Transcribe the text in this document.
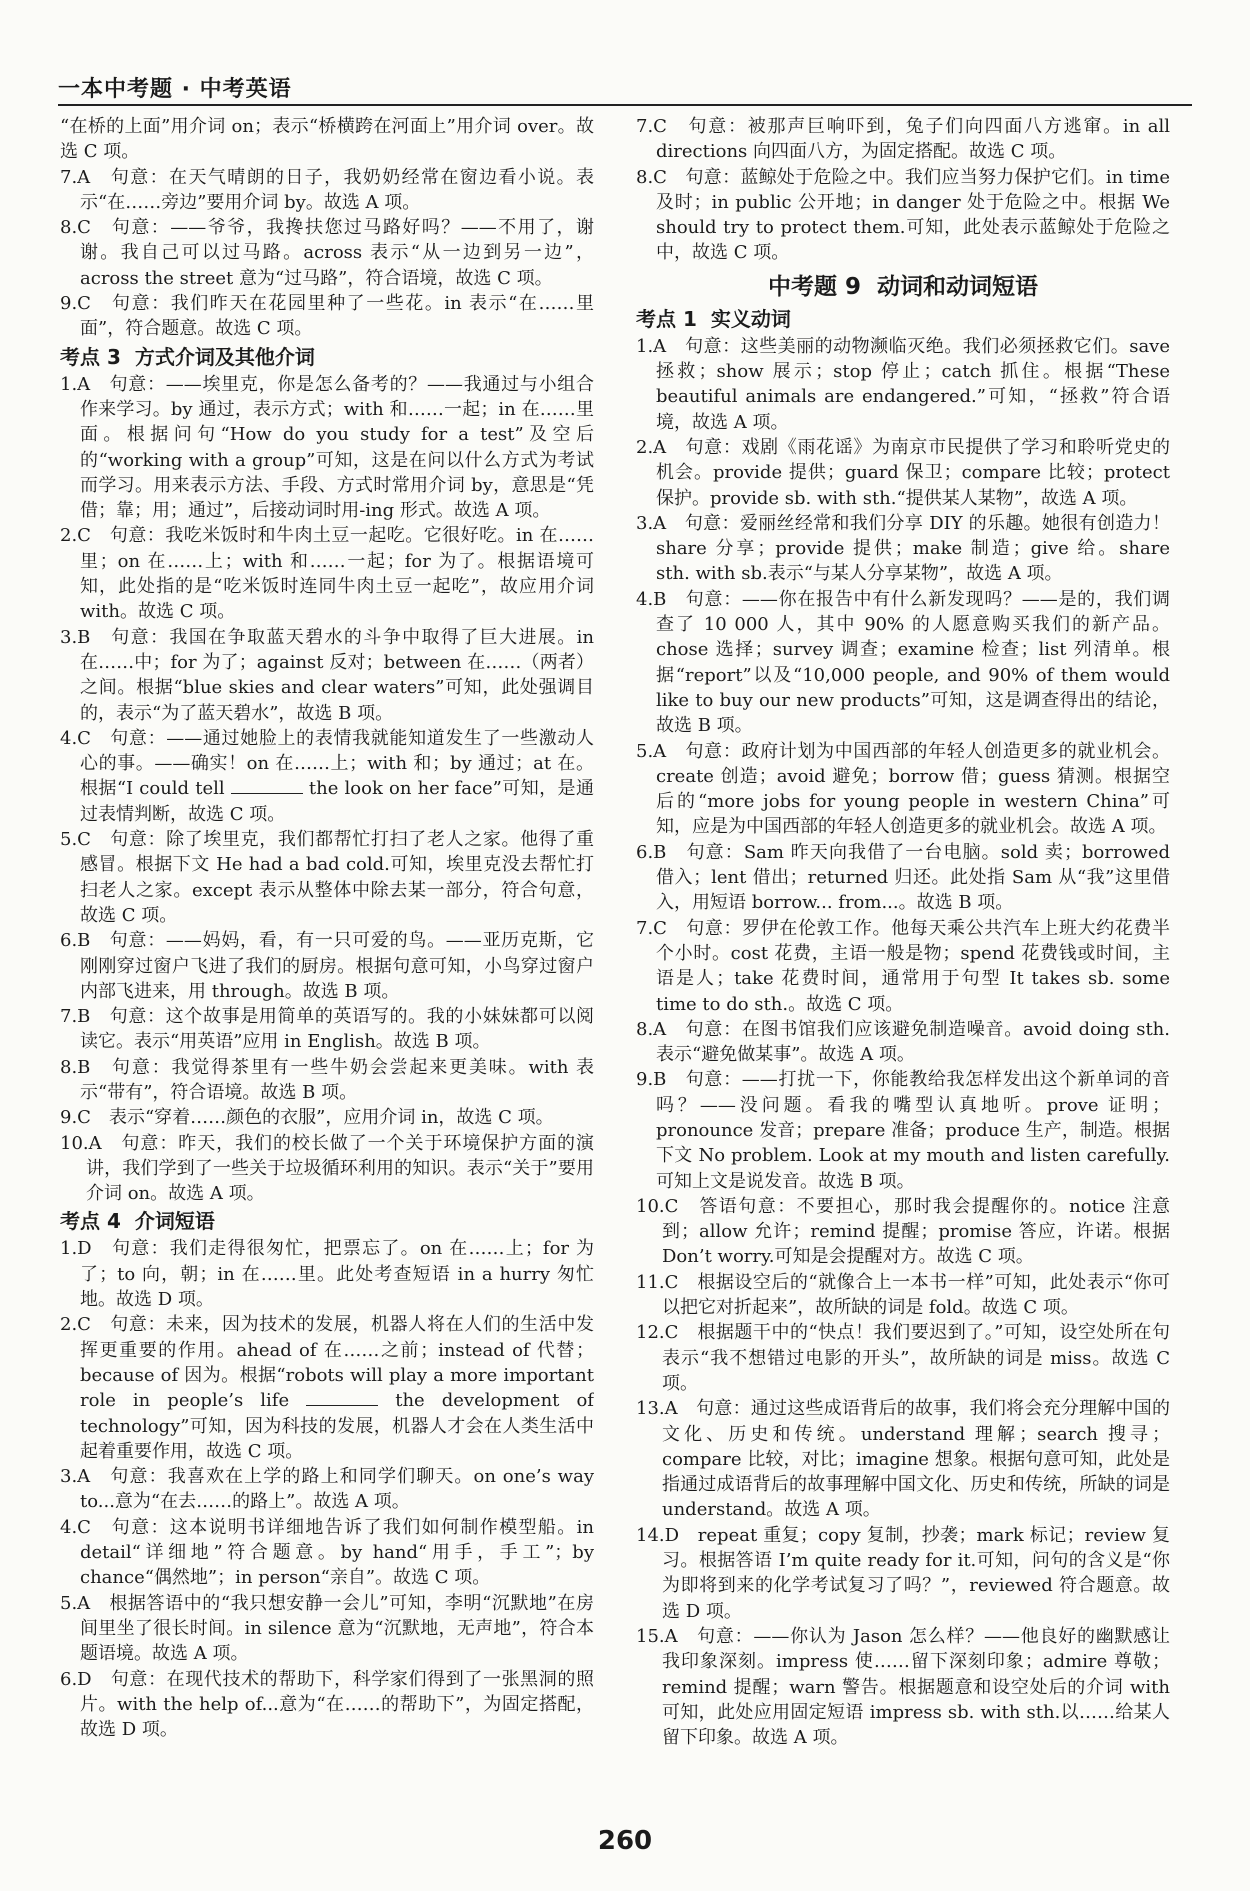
一本中考题 · 中考英语

“在桥的上面”用介词 on；表示“桥横跨在河面上”用介词 over。故选 C 项。

7.A　句意：在天气晴朗的日子，我奶奶经常在窗边看小说。表示“在……旁边”要用介词 by。故选 A 项。

8.C　句意：——爷爷，我搀扶您过马路好吗？——不用了，谢谢。我自己可以过马路。across 表示“从一边到另一边”，across the street 意为“过马路”，符合语境，故选 C 项。

9.C　句意：我们昨天在花园里种了一些花。in 表示“在……里面”，符合题意。故选 C 项。

考点 3 方式介词及其他介词

1.A　句意：——埃里克，你是怎么备考的？——我通过与小组合作来学习。by 通过，表示方式；with 和……一起；in 在……里面。根据问句“How do you study for a test”及空后的“working with a group”可知，这是在问以什么方式为考试而学习。用来表示方法、手段、方式时常用介词 by，意思是“凭借；靠；用；通过”，后接动词时用-ing 形式。故选 A 项。

2.C　句意：我吃米饭时和牛肉土豆一起吃。它很好吃。in 在……里；on 在……上；with 和……一起；for 为了。根据语境可知，此处指的是“吃米饭时连同牛肉土豆一起吃”，故应用介词 with。故选 C 项。

3.B　句意：我国在争取蓝天碧水的斗争中取得了巨大进展。in 在……中；for 为了；against 反对；between 在……（两者）之间。根据“blue skies and clear waters”可知，此处强调目的，表示“为了蓝天碧水”，故选 B 项。

4.C　句意：——通过她脸上的表情我就能知道发生了一些激动人心的事。——确实！on 在……上；with 和；by 通过；at 在。根据“I could tell	the look on her face”可知，是通过表情判断，故选 C 项。

5.C　句意：除了埃里克，我们都帮忙打扫了老人之家。他得了重感冒。根据下文 He had a bad cold.可知，埃里克没去帮忙打扫老人之家。except 表示从整体中除去某一部分，符合句意，故选 C 项。

6.B　句意：——妈妈，看，有一只可爱的鸟。——亚历克斯，它刚刚穿过窗户飞进了我们的厨房。根据句意可知，小鸟穿过窗户内部飞进来，用 through。故选 B 项。

7.B　句意：这个故事是用简单的英语写的。我的小妹妹都可以阅读它。表示“用英语”应用 in English。故选 B 项。

8.B　句意：我觉得茶里有一些牛奶会尝起来更美味。with 表示“带有”，符合语境。故选 B 项。

9.C　表示“穿着……颜色的衣服”，应用介词 in，故选 C 项。

10.A　句意：昨天，我们的校长做了一个关于环境保护方面的演讲，我们学到了一些关于垃圾循环利用的知识。表示“关于”要用介词 on。故选 A 项。

考点 4 介词短语

1.D　句意：我们走得很匆忙，把票忘了。on 在……上；for 为了；to 向，朝；in 在……里。此处考查短语 in a hurry 匆忙地。故选 D 项。

2.C　句意：未来，因为技术的发展，机器人将在人们的生活中发挥更重要的作用。ahead of 在……之前；instead of 代替；because of 因为。根据“robots will play a more important role in people’s life	the development of technology”可知，因为科技的发展，机器人才会在人类生活中起着重要作用，故选 C 项。

3.A　句意：我喜欢在上学的路上和同学们聊天。on one’s way to...意为“在去……的路上”。故选 A 项。

4.C　句意：这本说明书详细地告诉了我们如何制作模型船。in detail“详细地”符合题意。by hand“用手，手工”；by chance“偶然地”；in person“亲自”。故选 C 项。

5.A　根据答语中的“我只想安静一会儿”可知，李明“沉默地”在房间里坐了很长时间。in silence 意为“沉默地，无声地”，符合本题语境。故选 A 项。

6.D　句意：在现代技术的帮助下，科学家们得到了一张黑洞的照片。with the help of...意为“在……的帮助下”，为固定搭配，故选 D 项。

7.C　句意：被那声巨响吓到，兔子们向四面八方逃窜。in all directions 向四面八方，为固定搭配。故选 C 项。

8.C　句意：蓝鲸处于危险之中。我们应当努力保护它们。in time 及时；in public 公开地；in danger 处于危险之中。根据 We should try to protect them.可知，此处表示蓝鲸处于危险之中，故选 C 项。

中考题 9 动词和动词短语
考点 1 实义动词

1.A　句意：这些美丽的动物濒临灭绝。我们必须拯救它们。save 拯救；show 展示；stop 停止；catch 抓住。根据“These beautiful animals are endangered.”可知，“拯救”符合语境，故选 A 项。

2.A　句意：戏剧《雨花谣》为南京市民提供了学习和聆听党史的机会。provide 提供；guard 保卫；compare 比较；protect 保护。provide sb. with sth.“提供某人某物”，故选 A 项。

3.A　句意：爱丽丝经常和我们分享 DIY 的乐趣。她很有创造力！share 分享；provide 提供；make 制造；give 给。share sth. with sb.表示“与某人分享某物”，故选 A 项。

4.B　句意：——你在报告中有什么新发现吗？——是的，我们调查了 10 000 人，其中 90% 的人愿意购买我们的新产品。chose 选择；survey 调查；examine 检查；list 列清单。根据“report”以及“10,000 people, and 90% of them would like to buy our new products”可知，这是调查得出的结论，故选 B 项。

5.A　句意：政府计划为中国西部的年轻人创造更多的就业机会。create 创造；avoid 避免；borrow 借；guess 猜测。根据空后的“more jobs for young people in western China”可知，应是为中国西部的年轻人创造更多的就业机会。故选 A 项。

6.B　句意：Sam 昨天向我借了一台电脑。sold 卖；borrowed 借入；lent 借出；returned 归还。此处指 Sam 从“我”这里借入，用短语 borrow... from...。故选 B 项。

7.C　句意：罗伊在伦敦工作。他每天乘公共汽车上班大约花费半个小时。cost 花费，主语一般是物；spend 花费钱或时间，主语是人；take 花费时间，通常用于句型 It takes sb. some time to do sth.。故选 C 项。

8.A　句意：在图书馆我们应该避免制造噪音。avoid doing sth.表示“避免做某事”。故选 A 项。

9.B　句意：——打扰一下，你能教给我怎样发出这个新单词的音吗？——没问题。看我的嘴型认真地听。prove 证明；pronounce 发音；prepare 准备；produce 生产，制造。根据下文 No problem. Look at my mouth and listen carefully.可知上文是说发音。故选 B 项。

10.C　答语句意：不要担心，那时我会提醒你的。notice 注意到；allow 允许；remind 提醒；promise 答应，许诺。根据 Don’t worry.可知是会提醒对方。故选 C 项。

11.C　根据设空后的“就像合上一本书一样”可知，此处表示“你可以把它对折起来”，故所缺的词是 fold。故选 C 项。

12.C　根据题干中的“快点！我们要迟到了。”可知，设空处所在句表示“我不想错过电影的开头”，故所缺的词是 miss。故选 C 项。

13.A　句意：通过这些成语背后的故事，我们将会充分理解中国的文化、历史和传统。understand 理解；search 搜寻；compare 比较，对比；imagine 想象。根据句意可知，此处是指通过成语背后的故事理解中国文化、历史和传统，所缺的词是 understand。故选 A 项。

14.D　repeat 重复；copy 复制，抄袭；mark 标记；review 复习。根据答语 I’m quite ready for it.可知，问句的含义是“你为即将到来的化学考试复习了吗？”，reviewed 符合题意。故选 D 项。

15.A　句意：——你认为 Jason 怎么样？——他良好的幽默感让我印象深刻。impress 使……留下深刻印象；admire 尊敬；remind 提醒；warn 警告。根据题意和设空处后的介词 with 可知，此处应用固定短语 impress sb. with sth.以……给某人留下印象。故选 A 项。

260
